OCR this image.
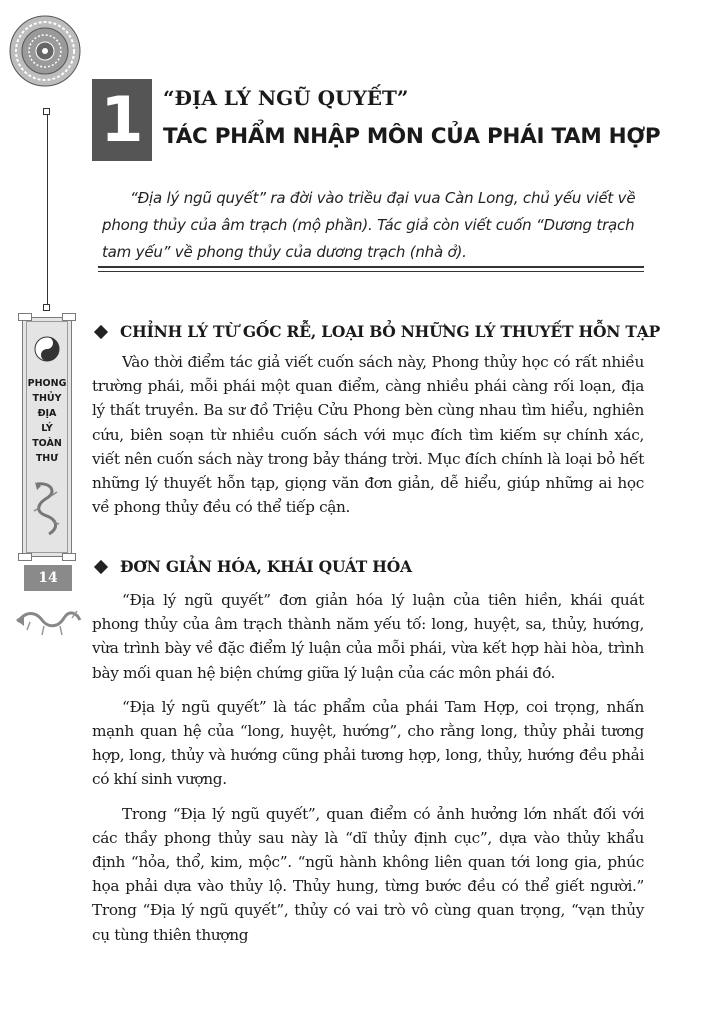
PHONG
THỦY
ĐỊA
LÝ
TOÀN
THƯ
14
1 “ĐỊA LÝ NGŨ QUYẾT”
TÁC PHẨM NHẬP MÔN CỦA PHÁI TAM HỢP

“Địa lý ngũ quyết” ra đời vào triều đại vua Càn Long, chủ yếu viết về phong thủy của âm trạch (mộ phần). Tác giả còn viết cuốn “Dương trạch tam yếu” về phong thủy của dương trạch (nhà ở).

CHỈNH LÝ TỪ GỐC RỄ, LOẠI BỎ NHỮNG LÝ THUYẾT HỖN TẠP

Vào thời điểm tác giả viết cuốn sách này, Phong thủy học có rất nhiều trường phái, mỗi phái một quan điểm, càng nhiều phái càng rối loạn, địa lý thất truyền. Ba sư đồ Triệu Cửu Phong bèn cùng nhau tìm hiểu, nghiên cứu, biên soạn từ nhiều cuốn sách với mục đích tìm kiếm sự chính xác, viết nên cuốn sách này trong bảy tháng trời. Mục đích chính là loại bỏ hết những lý thuyết hỗn tạp, giọng văn đơn giản, dễ hiểu, giúp những ai học về phong thủy đều có thể tiếp cận.

ĐƠN GIẢN HÓA, KHÁI QUÁT HÓA

“Địa lý ngũ quyết” đơn giản hóa lý luận của tiên hiền, khái quát phong thủy của âm trạch thành năm yếu tố: long, huyệt, sa, thủy, hướng, vừa trình bày về đặc điểm lý luận của mỗi phái, vừa kết hợp hài hòa, trình bày mối quan hệ biện chứng giữa lý luận của các môn phái đó.

“Địa lý ngũ quyết” là tác phẩm của phái Tam Hợp, coi trọng, nhấn mạnh quan hệ của “long, huyệt, hướng”, cho rằng long, thủy phải tương hợp, long, thủy và hướng cũng phải tương hợp, long, thủy, hướng đều phải có khí sinh vượng.

Trong “Địa lý ngũ quyết”, quan điểm có ảnh hưởng lớn nhất đối với các thầy phong thủy sau này là “dĩ thủy định cục”, dựa vào thủy khẩu định “hỏa, thổ, kim, mộc”. “ngũ hành không liên quan tới long gia, phúc họa phải dựa vào thủy lộ. Thủy hung, từng bước đều có thể giết người.” Trong “Địa lý ngũ quyết”, thủy có vai trò vô cùng quan trọng, “vạn thủy cụ tùng thiên thượng
